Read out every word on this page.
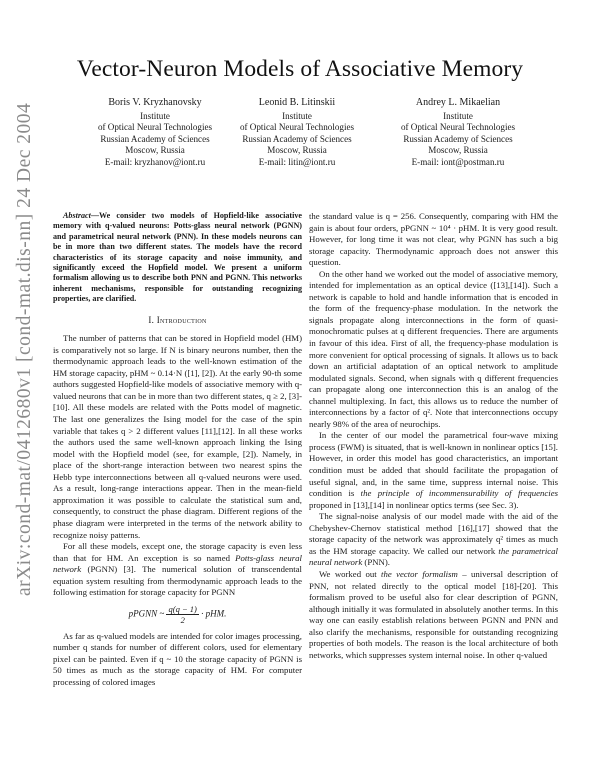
arXiv:cond-mat/0412680v1 [cond-mat.dis-nn] 24 Dec 2004
Vector-Neuron Models of Associative Memory
Boris V. Kryzhanovsky
Institute
of Optical Neural Technologies
Russian Academy of Sciences
Moscow, Russia
E-mail: kryzhanov@iont.ru
Leonid B. Litinskii
Institute
of Optical Neural Technologies
Russian Academy of Sciences
Moscow, Russia
E-mail: litin@iont.ru
Andrey L. Mikaelian
Institute
of Optical Neural Technologies
Russian Academy of Sciences
Moscow, Russia
E-mail: iont@postman.ru

Abstract—We consider two models of Hopfield-like associative memory with q-valued neurons: Potts-glass neural network (PGNN) and parametrical neural network (PNN). In these models neurons can be in more than two different states. The models have the record characteristics of its storage capacity and noise immunity, and significantly exceed the Hopfield model. We present a uniform formalism allowing us to describe both PNN and PGNN. This networks inherent mechanisms, responsible for outstanding recognizing properties, are clarified.

I. Introduction

The number of patterns that can be stored in Hopfield model (HM) is comparatively not so large. If N is binary neurons number, then the thermodynamic approach leads to the well-known estimation of the HM storage capacity, pHM ~ 0.14·N ([1], [2]). At the early 90-th some authors suggested Hopfield-like models of associative memory with q-valued neurons that can be in more than two different states, q ≥ 2, [3]-[10]. All these models are related with the Potts model of magnetic. The last one generalizes the Ising model for the case of the spin variable that takes q > 2 different values [11],[12]. In all these works the authors used the same well-known approach linking the Ising model with the Hopfield model (see, for example, [2]). Namely, in place of the short-range interaction between two nearest spins the Hebb type interconnections between all q-valued neurons were used. As a result, long-range interactions appear. Then in the mean-field approximation it was possible to calculate the statistical sum and, consequently, to construct the phase diagram. Different regions of the phase diagram were interpreted in the terms of the network ability to recognize noisy patterns.

For all these models, except one, the storage capacity is even less than that for HM. An exception is so named Potts-glass neural network (PGNN) [3]. The numerical solution of transcendental equation system resulting from thermodynamic approach leads to the following estimation for storage capacity for PGNN

pPGNN ~ $\frac{q(q - 1)}{2}$ · pHM.

As far as q-valued models are intended for color images processing, number q stands for number of different colors, used for elementary pixel can be painted. Even if q ~ 10 the storage capacity of PGNN is 50 times as much as the storage capacity of HM. For computer processing of colored images

the standard value is q = 256. Consequently, comparing with HM the gain is about four orders, pPGNN ~ 10⁴ · pHM. It is very good result. However, for long time it was not clear, why PGNN has such a big storage capacity. Thermodynamic approach does not answer this question.

On the other hand we worked out the model of associative memory, intended for implementation as an optical device ([13],[14]). Such a network is capable to hold and handle information that is encoded in the form of the frequency-phase modulation. In the network the signals propagate along interconnections in the form of quasi-monochromatic pulses at q different frequencies. There are arguments in favour of this idea. First of all, the frequency-phase modulation is more convenient for optical processing of signals. It allows us to back down an artificial adaptation of an optical network to amplitude modulated signals. Second, when signals with q different frequencies can propagate along one interconnection this is an analog of the channel multiplexing. In fact, this allows us to reduce the number of interconnections by a factor of q². Note that interconnections occupy nearly 98% of the area of neurochips.

In the center of our model the parametrical four-wave mixing process (FWM) is situated, that is well-known in nonlinear optics [15]. However, in order this model has good characteristics, an important condition must be added that should facilitate the propagation of useful signal, and, in the same time, suppress internal noise. This condition is the principle of incommensurability of frequencies proponed in [13],[14] in nonlinear optics terms (see Sec. 3).

The signal-noise analysis of our model made with the aid of the Chebyshev-Chernov statistical method [16],[17] showed that the storage capacity of the network was approximately q² times as much as the HM storage capacity. We called our network the parametrical neural network (PNN).

We worked out the vector formalism – universal description of PNN, not related directly to the optical model [18]-[20]. This formalism proved to be useful also for clear description of PGNN, although initially it was formulated in absolutely another terms. In this way one can easily establish relations between PGNN and PNN and also clarify the mechanisms, responsible for outstanding recognizing properties of both models. The reason is the local architecture of both networks, which suppresses system internal noise. In other q-valued
